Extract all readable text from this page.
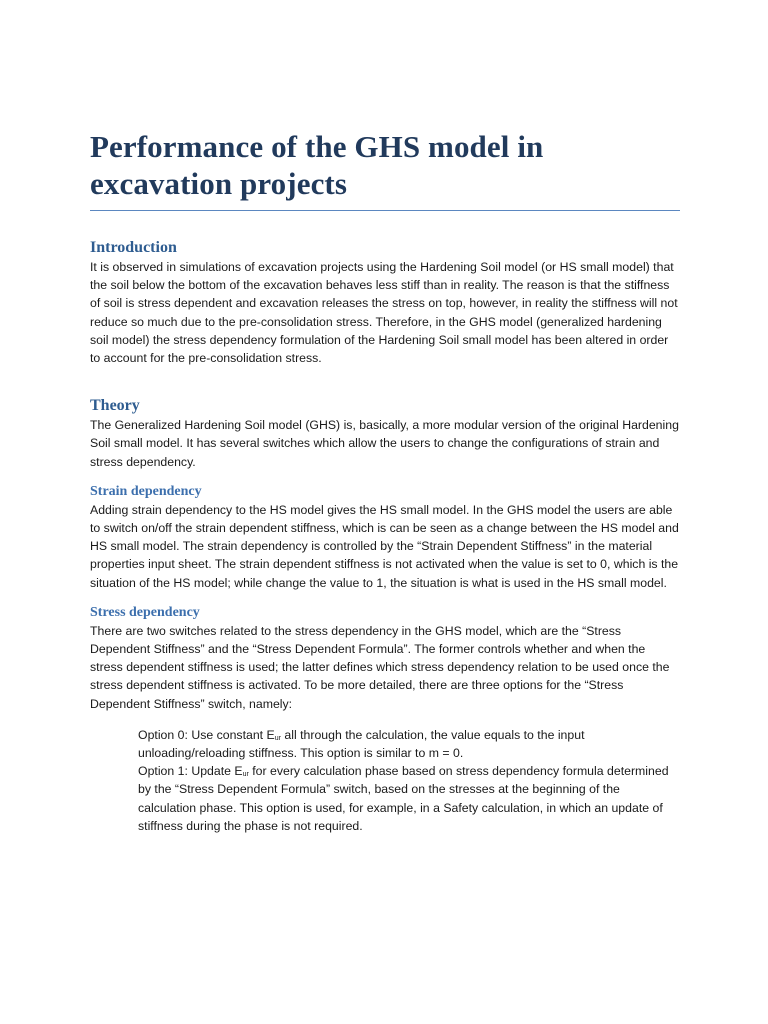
Performance of the GHS model in excavation projects
Introduction

It is observed in simulations of excavation projects using the Hardening Soil model (or HS small model) that the soil below the bottom of the excavation behaves less stiff than in reality. The reason is that the stiffness of soil is stress dependent and excavation releases the stress on top, however, in reality the stiffness will not reduce so much due to the pre-consolidation stress. Therefore, in the GHS model (generalized hardening soil model) the stress dependency formulation of the Hardening Soil small model has been altered in order to account for the pre-consolidation stress.

Theory

The Generalized Hardening Soil model (GHS) is, basically, a more modular version of the original Hardening Soil small model. It has several switches which allow the users to change the configurations of strain and stress dependency.

Strain dependency

Adding strain dependency to the HS model gives the HS small model. In the GHS model the users are able to switch on/off the strain dependent stiffness, which is can be seen as a change between the HS model and HS small model. The strain dependency is controlled by the “Strain Dependent Stiffness” in the material properties input sheet. The strain dependent stiffness is not activated when the value is set to 0, which is the situation of the HS model; while change the value to 1, the situation is what is used in the HS small model.

Stress dependency

There are two switches related to the stress dependency in the GHS model, which are the “Stress Dependent Stiffness” and the “Stress Dependent Formula”. The former controls whether and when the stress dependent stiffness is used; the latter defines which stress dependency relation to be used once the stress dependent stiffness is activated. To be more detailed, there are three options for the “Stress Dependent Stiffness” switch, namely:

Option 0: Use constant $E_{ur}$ all through the calculation, the value equals to the input unloading/reloading stiffness. This option is similar to m = 0.

Option 1: Update $E_{ur}$ for every calculation phase based on stress dependency formula determined by the “Stress Dependent Formula” switch, based on the stresses at the beginning of the calculation phase. This option is used, for example, in a Safety calculation, in which an update of stiffness during the phase is not required.
